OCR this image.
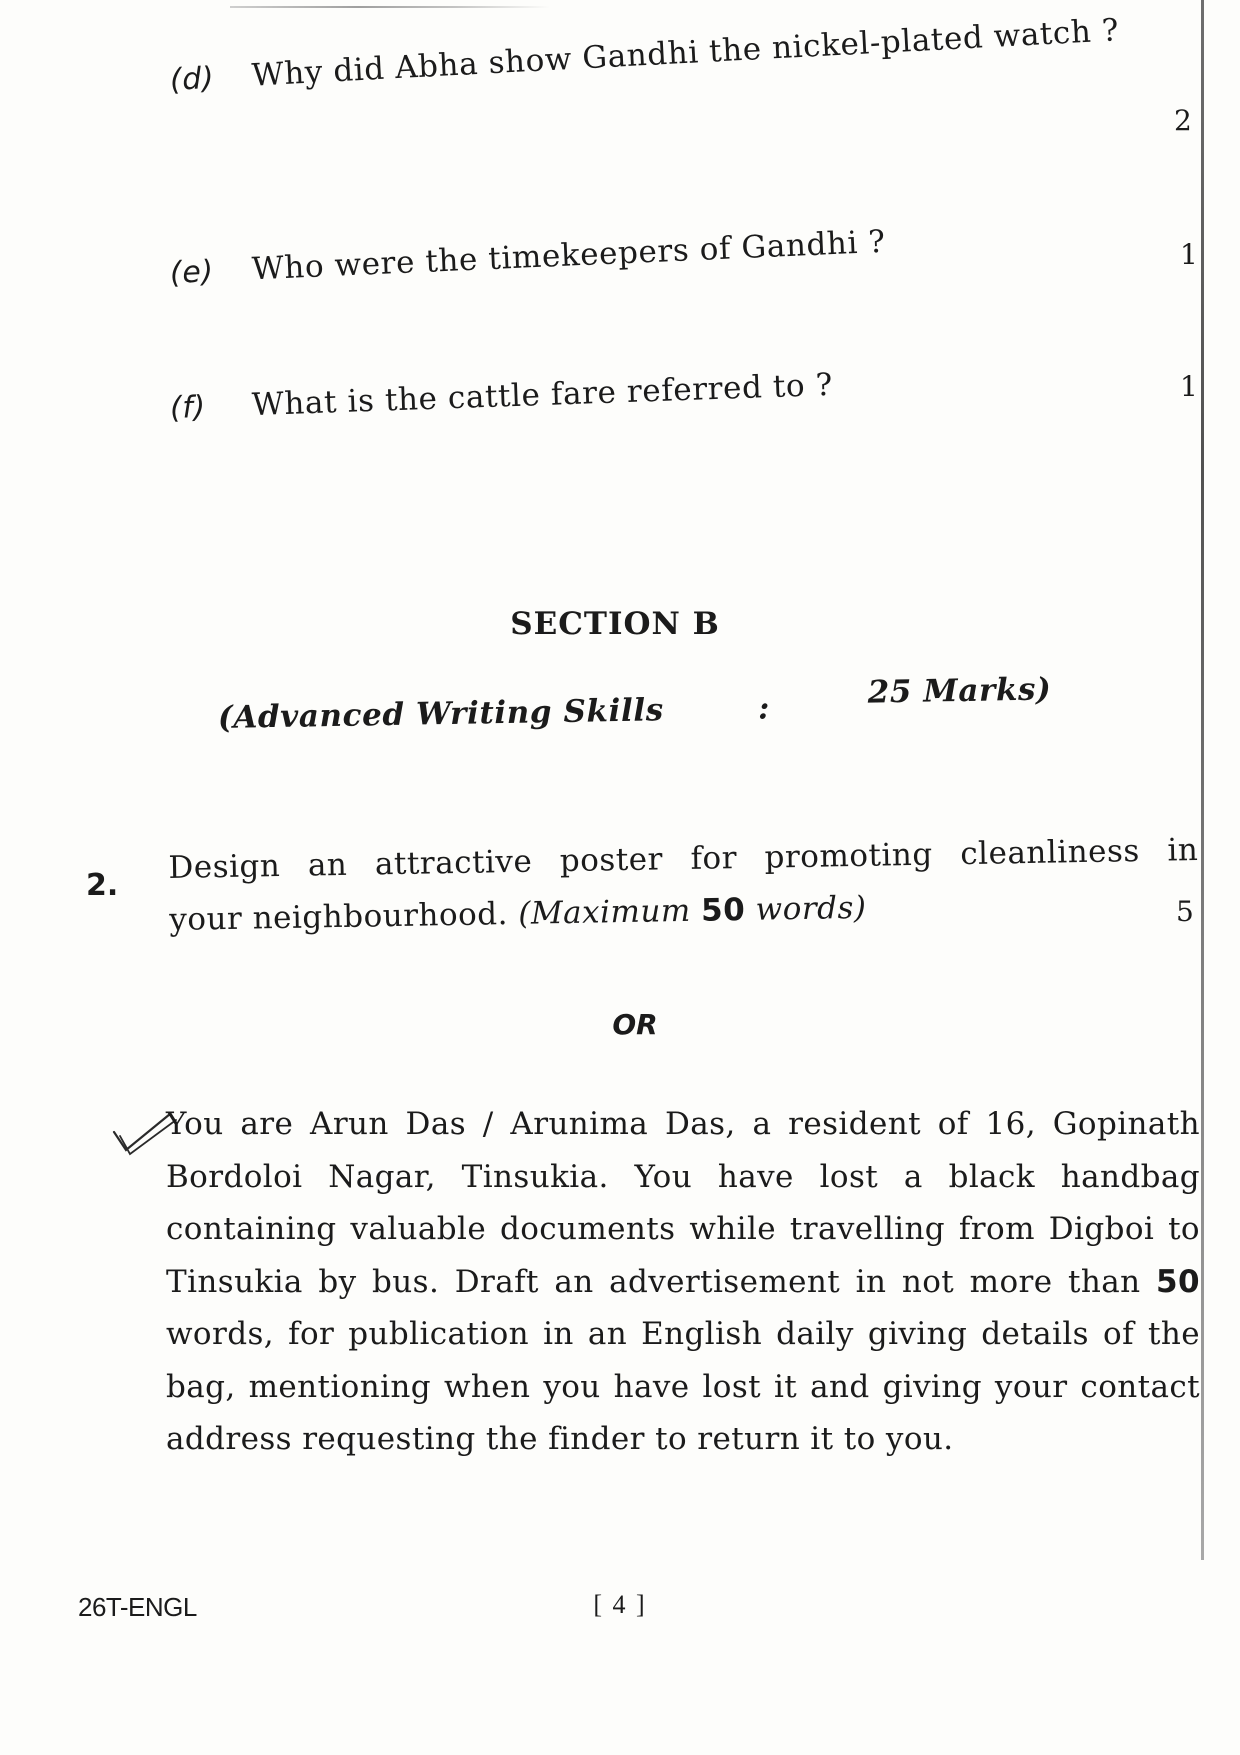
(d) Why did Abha show Gandhi the nickel-plated watch ?
2
(e) Who were the timekeepers of Gandhi ?	1
(f) What is the cattle fare referred to ?	1
SECTION B
(Advanced Writing Skills	:	25 Marks)
2. Design an attractive poster for promoting cleanliness in
your neighbourhood. (Maximum 50 words)	5
OR
You are Arun Das / Arunima Das, a resident of 16, Gopinath Bordoloi Nagar, Tinsukia. You have lost a black handbag containing valuable documents while travelling from Digboi to Tinsukia by bus. Draft an advertisement in not more than 50 words, for publication in an English daily giving details of the bag, mentioning when you have lost it and giving your contact address requesting the finder to return it to you.
26T-ENGL	[ 4 ]
